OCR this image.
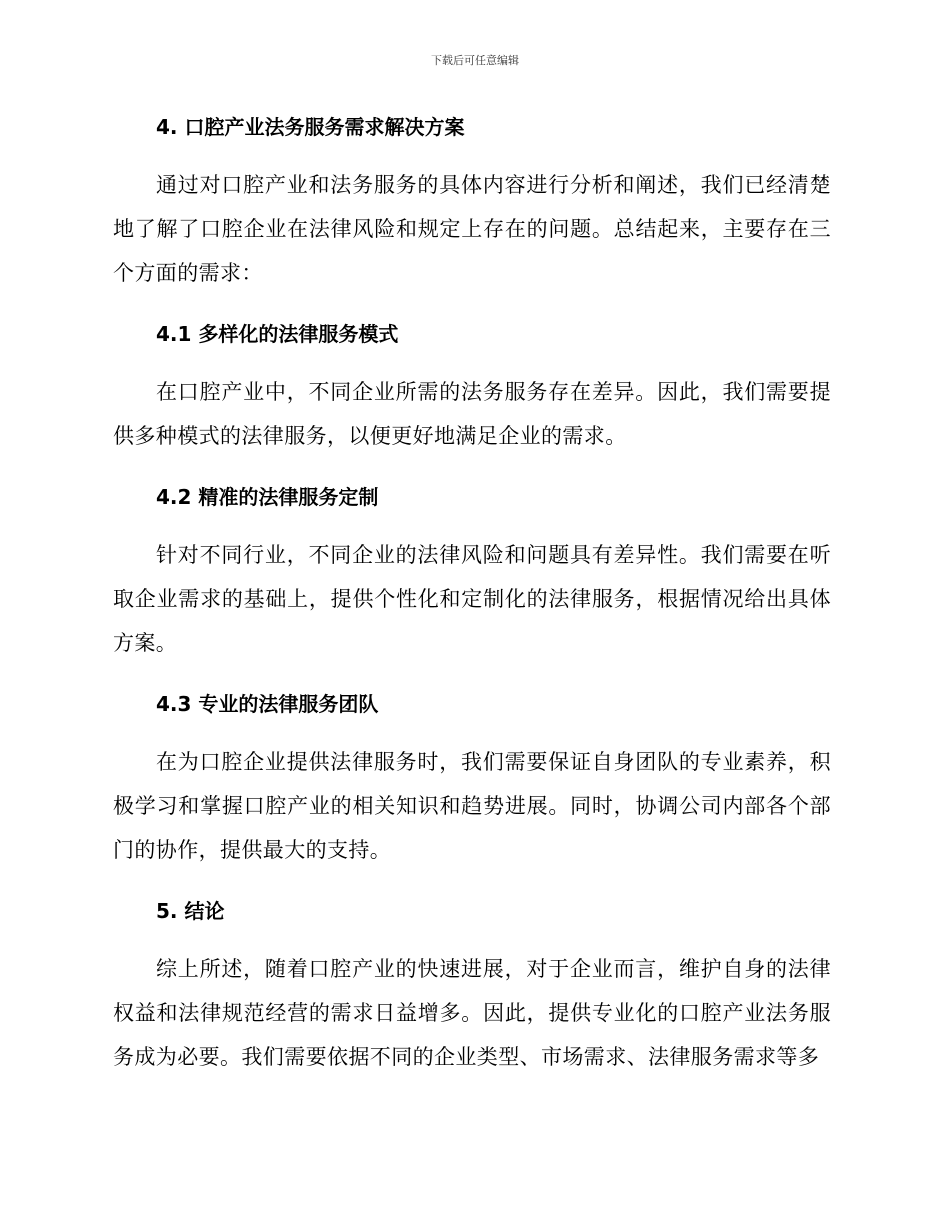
下载后可任意编辑
4. 口腔产业法务服务需求解决方案

通过对口腔产业和法务服务的具体内容进行分析和阐述，我们已经清楚地了解了口腔企业在法律风险和规定上存在的问题。总结起来，主要存在三个方面的需求：

4.1 多样化的法律服务模式

在口腔产业中，不同企业所需的法务服务存在差异。因此，我们需要提供多种模式的法律服务，以便更好地满足企业的需求。

4.2 精准的法律服务定制

针对不同行业，不同企业的法律风险和问题具有差异性。我们需要在听取企业需求的基础上，提供个性化和定制化的法律服务，根据情况给出具体方案。

4.3 专业的法律服务团队

在为口腔企业提供法律服务时，我们需要保证自身团队的专业素养，积极学习和掌握口腔产业的相关知识和趋势进展。同时，协调公司内部各个部门的协作，提供最大的支持。

5. 结论

综上所述，随着口腔产业的快速进展，对于企业而言，维护自身的法律权益和法律规范经营的需求日益增多。因此，提供专业化的口腔产业法务服务成为必要。我们需要依据不同的企业类型、市场需求、法律服务需求等多
